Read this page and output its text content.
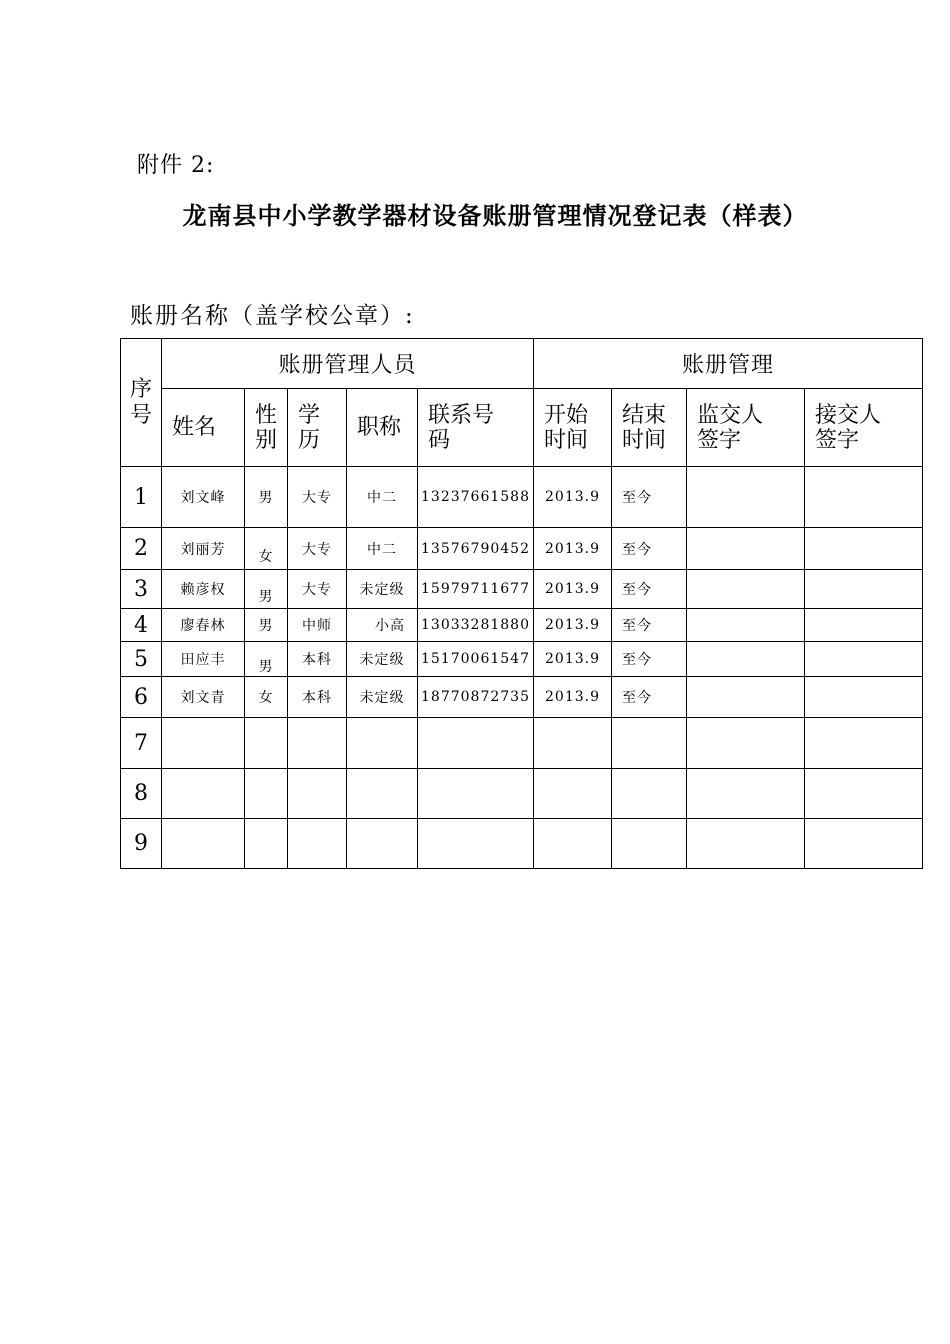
附件 2:
龙南县中小学教学器材设备账册管理情况登记表（样表）
账册名称（盖学校公章）:
序号	账册管理人员					账册管理			
	姓名	性别	学历	职称	联系号码	开始时间	结束时间	监交人签字	接交人签字

1	刘文峰	男	大专	中二	13237661588	2013.9	至今		
2	刘丽芳	女	大专	中二	13576790452	2013.9	至今		
3	赖彦权	男	大专	未定级	15979711677	2013.9	至今		
4	廖春林	男	中师	小高	13033281880	2013.9	至今		
5	田应丰	男	本科	未定级	15170061547	2013.9	至今		
6	刘文青	女	本科	未定级	18770872735	2013.9	至今		
7									
8									
9									
